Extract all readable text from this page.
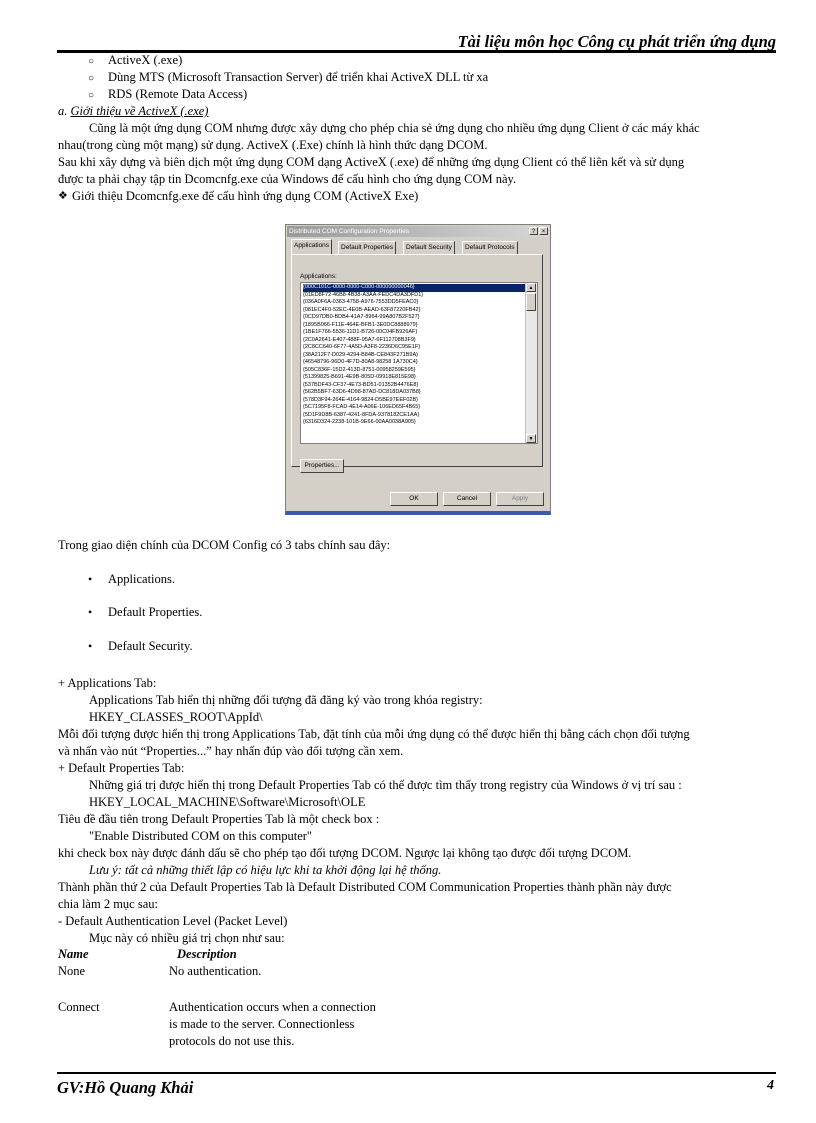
Tài liệu môn học Công cụ phát triển ứng dụng
○ ActiveX (.exe)
○ Dùng MTS (Microsoft Transaction Server) để triển khai ActiveX DLL từ xa
○ RDS (Remote Data Access)
a. Giới thiệu về ActiveX (.exe)
Cũng là một ứng dụng COM nhưng được xây dựng cho phép chia sẻ ứng dụng cho nhiều ứng dụng Client ở các máy khác
nhau(trong cùng một mạng) sử dụng. ActiveX (.Exe) chính là hình thức dạng DCOM.
Sau khi xây dựng và biên dịch một ứng dụng COM dạng ActiveX (.exe) để những ứng dụng Client có thể liên kết và sử dụng
được ta phải chạy tập tin Dcomcnfg.exe của Windows để cấu hình cho ứng dụng COM này.
❖ Giới thiệu Dcomcnfg.exe để cấu hình ứng dụng COM (ActiveX Exe)
Distributed COM Configuration Properties	?	×
Applications	Default Properties	Default Security	Default Protocols
Applications:
{000C101C-0000-0000-C000-000000000046}
{01ED8F72-46B8-4B38-A3AA-FEDC4DA3DFD1}
{036A0F6A-0363-4758-A976-7553DD5FEAC0}
{081EC4F0-52EC-4E0B-AEAD-63F87220FB42}
{0CD97DB0-BDB4-41A7-8964-99A807B2F527}
{1895B066-F11E-464E-BFB1-3E0DC8888979}
{1BE1F766-5536-11D1-B726-00C04FB926AF}
{2C0A2641-E407-488F-95A7-6F112708B3F9}
{2C8CC640-6F77-4A5D-A3F8-2236D6C95E1F}
{38A212F7-D029-4294-B84B-CE843F271B9A}
{46548796-96D0-4F7D-80A8-98258 1A730C4}
{505C836F-15D2-413D-8751-00958259E595}
{51399825-B691-4E9B-805D-09918E815E98}
{537BDF43-CF37-4E73-BD51-01352B4476E8}
{562B5BF7-63D6-4D98-87AD-DC818DA037B8}
{578D3F94-264E-4164-9824-D5BE97EEF02B}
{5C7195F8-FCAD-4E14-A06E-106ED65F4B65}
{5D1F9D8B-6387-4241-8FDA-9378182CE1AA}
{6316D324-2238-101B-9E66-00AA0038A905}
▲
▼
Properties...
OK	Cancel	Apply
Trong giao diện chính của DCOM Config có 3 tabs chính sau đây:
• Applications.
• Default Properties.
• Default Security.
+ Applications Tab:
Applications Tab hiển thị những đối tượng đã đăng ký vào trong khóa registry:
HKEY_CLASSES_ROOT\AppId\
Mỗi đối tượng được hiển thị trong Applications Tab, đặt tính của mỗi ứng dụng có thể được hiển thị bằng cách chọn đối tượng
và nhấn vào nút “Properties...” hay nhấn đúp vào đối tượng cần xem.
+ Default Properties Tab:
Những giá trị được hiển thị trong Default Properties Tab có thể được tìm thấy trong registry của Windows ở vị trí sau :
HKEY_LOCAL_MACHINE\Software\Microsoft\OLE
Tiêu đề đầu tiên trong Default Properties Tab là một check box :
"Enable Distributed COM on this computer"
khi check box này được đánh dấu sẽ cho phép tạo đối tượng DCOM. Ngược lại không tạo được đối tượng DCOM.
Lưu ý: tất cả những thiết lập có hiệu lực khi ta khởi động lại hệ thống.
Thành phần thứ 2 của Default Properties Tab là Default Distributed COM Communication Properties thành phần này được
chia làm 2 mục sau:
- Default Authentication Level (Packet Level)
Mục này có nhiều giá trị chọn như sau:
Name	Description
None	No authentication.
Connect	Authentication occurs when a connection
is made to the server. Connectionless
protocols do not use this.
GV:Hồ Quang Khải	4
